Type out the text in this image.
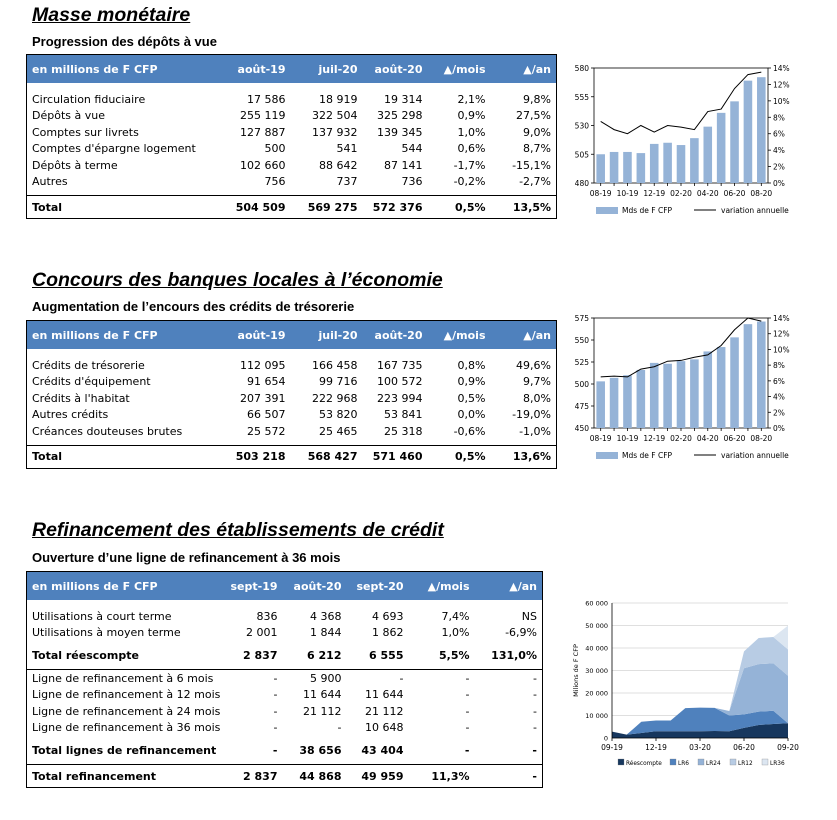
Masse monétaire
Progression des dépôts à vue
en millions de F CFP	août-19	juil-20	août-20	▲/mois	▲/an

Circulation fiduciaire	17 586	18 919	19 314	2,1%	9,8%
Dépôts à vue	255 119	322 504	325 298	0,9%	27,5%
Comptes sur livrets	127 887	137 932	139 345	1,0%	9,0%
Comptes d'épargne logement	500	541	544	0,6%	8,7%
Dépôts à terme	102 660	88 642	87 141	-1,7%	-15,1%
Autres	756	737	736	-0,2%	-2,7%

Total	504 509	569 275	572 376	0,5%	13,5%
480
505
530
555
580
0%
2%
4%
6%
8%
10%
12%
14%
08-19 10-19 12-19 02-20 04-20 06-20 08-20
Mds de F CFP	variation annuelle
Concours des banques locales à l’économie
Augmentation de l’encours des crédits de trésorerie
en millions de F CFP	août-19	juil-20	août-20	▲/mois	▲/an

Crédits de trésorerie	112 095	166 458	167 735	0,8%	49,6%
Crédits d'équipement	91 654	99 716	100 572	0,9%	9,7%
Crédits à l'habitat	207 391	222 968	223 994	0,5%	8,0%
Autres crédits	66 507	53 820	53 841	0,0%	-19,0%
Créances douteuses brutes	25 572	25 465	25 318	-0,6%	-1,0%

Total	503 218	568 427	571 460	0,5%	13,6%
450
475
500
525
550
575
0%
2%
4%
6%
8%
10%
12%
14%
08-19 10-19 12-19 02-20 04-20 06-20 08-20
Mds de F CFP	variation annuelle
Refinancement des établissements de crédit
Ouverture d’une ligne de refinancement à 36 mois
en millions de F CFP	sept-19	août-20	sept-20	▲/mois	▲/an

Utilisations à court terme	836	4 368	4 693	7,4%	NS
Utilisations à moyen terme	2 001	1 844	1 862	1,0%	-6,9%

Total réescompte	2 837	6 212	6 555	5,5%	131,0%

Ligne de refinancement à 6 mois	-	5 900	-	-	-
Ligne de refinancement à 12 mois	-	11 644	11 644	-	-
Ligne de refinancement à 24 mois	-	21 112	21 112	-	-
Ligne de refinancement à 36 mois	-	-	10 648	-	-

Total lignes de refinancement	-	38 656	43 404	-	-

Total refinancement	2 837	44 868	49 959	11,3%	-
0
10 000
20 000
30 000
40 000
50 000
60 000
09-19	12-19	03-20	06-20	09-20
Milions de F CFP
Réescompte	LR6	LR24	LR12	LR36
